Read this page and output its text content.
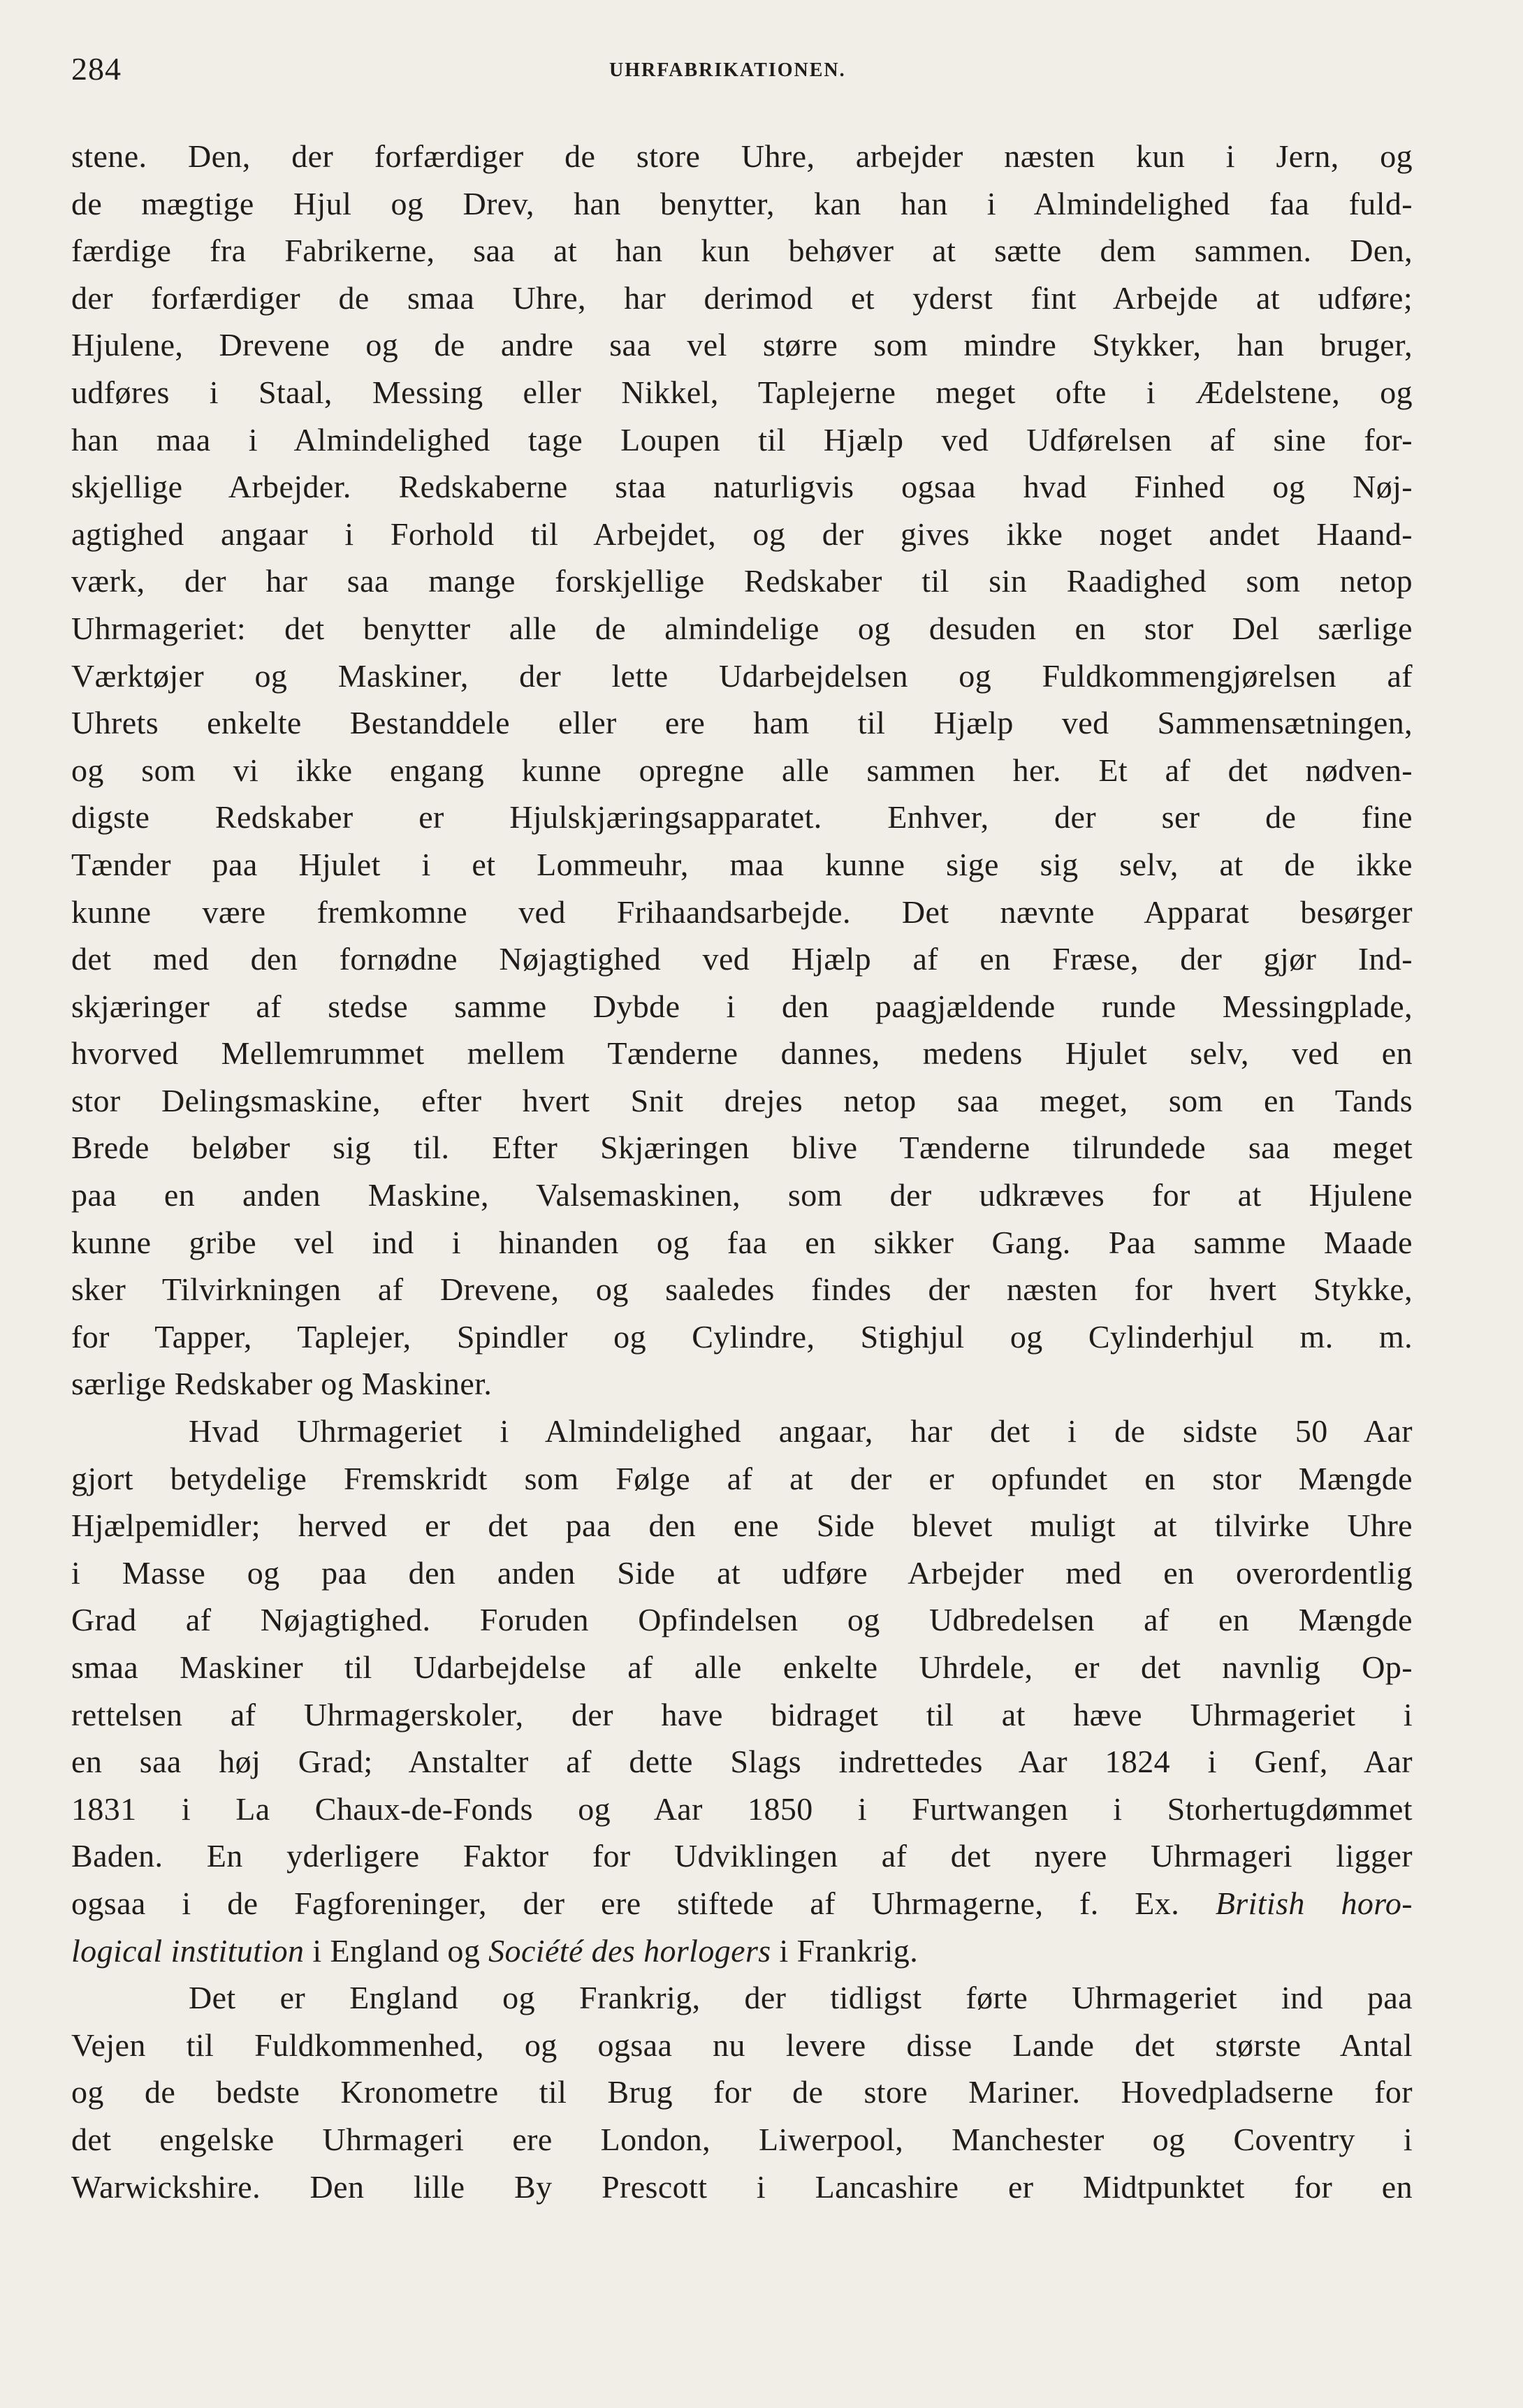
284	UHRFABRIKATIONEN.
stene. Den, der forfærdiger de store Uhre, arbejder næsten kun i Jern, og
de mægtige Hjul og Drev, han benytter, kan han i Almindelighed faa fuld-
færdige fra Fabrikerne, saa at han kun behøver at sætte dem sammen. Den,
der forfærdiger de smaa Uhre, har derimod et yderst fint Arbejde at udføre;
Hjulene, Drevene og de andre saa vel større som mindre Stykker, han bruger,
udføres i Staal, Messing eller Nikkel, Taplejerne meget ofte i Ædelstene, og
han maa i Almindelighed tage Loupen til Hjælp ved Udførelsen af sine for-
skjellige Arbejder. Redskaberne staa naturligvis ogsaa hvad Finhed og Nøj-
agtighed angaar i Forhold til Arbejdet, og der gives ikke noget andet Haand-
værk, der har saa mange forskjellige Redskaber til sin Raadighed som netop
Uhrmageriet: det benytter alle de almindelige og desuden en stor Del særlige
Værktøjer og Maskiner, der lette Udarbejdelsen og Fuldkommengjørelsen af
Uhrets enkelte Bestanddele eller ere ham til Hjælp ved Sammensætningen,
og som vi ikke engang kunne opregne alle sammen her. Et af det nødven-
digste Redskaber er Hjulskjæringsapparatet. Enhver, der ser de fine
Tænder paa Hjulet i et Lommeuhr, maa kunne sige sig selv, at de ikke
kunne være fremkomne ved Frihaandsarbejde. Det nævnte Apparat besørger
det med den fornødne Nøjagtighed ved Hjælp af en Fræse, der gjør Ind-
skjæringer af stedse samme Dybde i den paagjældende runde Messingplade,
hvorved Mellemrummet mellem Tænderne dannes, medens Hjulet selv, ved en
stor Delingsmaskine, efter hvert Snit drejes netop saa meget, som en Tands
Brede beløber sig til. Efter Skjæringen blive Tænderne tilrundede saa meget
paa en anden Maskine, Valsemaskinen, som der udkræves for at Hjulene
kunne gribe vel ind i hinanden og faa en sikker Gang. Paa samme Maade
sker Tilvirkningen af Drevene, og saaledes findes der næsten for hvert Stykke,
for Tapper, Taplejer, Spindler og Cylindre, Stighjul og Cylinderhjul m. m.
særlige Redskaber og Maskiner.
Hvad Uhrmageriet i Almindelighed angaar, har det i de sidste 50 Aar
gjort betydelige Fremskridt som Følge af at der er opfundet en stor Mængde
Hjælpemidler; herved er det paa den ene Side blevet muligt at tilvirke Uhre
i Masse og paa den anden Side at udføre Arbejder med en overordentlig
Grad af Nøjagtighed. Foruden Opfindelsen og Udbredelsen af en Mængde
smaa Maskiner til Udarbejdelse af alle enkelte Uhrdele, er det navnlig Op-
rettelsen af Uhrmagerskoler, der have bidraget til at hæve Uhrmageriet i
en saa høj Grad; Anstalter af dette Slags indrettedes Aar 1824 i Genf, Aar
1831 i La Chaux-de-Fonds og Aar 1850 i Furtwangen i Storhertugdømmet
Baden. En yderligere Faktor for Udviklingen af det nyere Uhrmageri ligger
ogsaa i de Fagforeninger, der ere stiftede af Uhrmagerne, f. Ex. British horo-
logical institution i England og Société des horlogers i Frankrig.
Det er England og Frankrig, der tidligst førte Uhrmageriet ind paa
Vejen til Fuldkommenhed, og ogsaa nu levere disse Lande det største Antal
og de bedste Kronometre til Brug for de store Mariner. Hovedpladserne for
det engelske Uhrmageri ere London, Liwerpool, Manchester og Coventry i
Warwickshire. Den lille By Prescott i Lancashire er Midtpunktet for en
